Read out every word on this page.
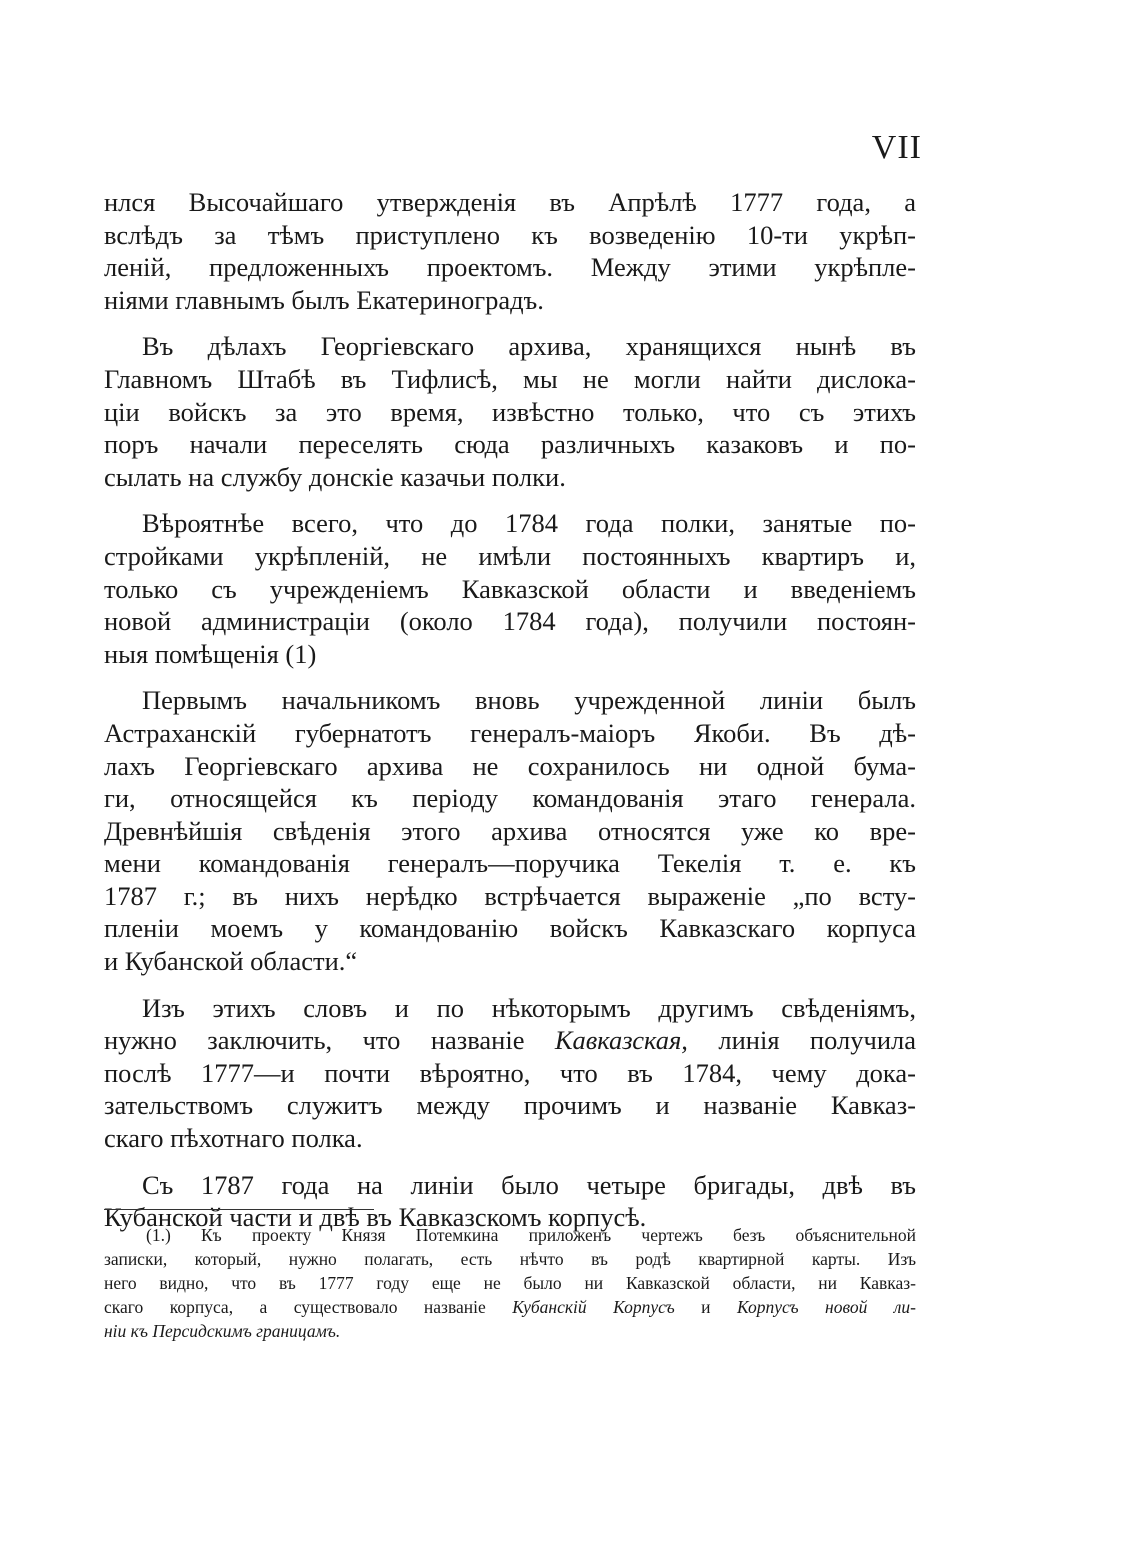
VII
нлся Высочайшаго утвержденія въ Апрѣлѣ 1777 года, а
вслѣдъ за тѣмъ приступлено къ возведенію 10-ти укрѣп-
леній, предложенныхъ проектомъ. Между этими укрѣпле-
ніями главнымъ былъ Екатериноградъ.
Въ дѣлахъ Георгіевскаго архива, хранящихся нынѣ въ
Главномъ Штабѣ въ Тифлисѣ, мы не могли найти дислока-
ціи войскъ за это время, извѣстно только, что съ этихъ
поръ начали переселять сюда различныхъ казаковъ и по-
сылать на службу донскіе казачьи полки.
Вѣроятнѣе всего, что до 1784 года полки, занятые по-
стройками укрѣпленій, не имѣли постоянныхъ квартиръ и,
только съ учрежденіемъ Кавказской области и введеніемъ
новой администраціи (около 1784 года), получили постоян-
ныя помѣщенія (1)
Первымъ начальникомъ вновь учрежденной линіи былъ
Астраханскій губернатотъ генералъ-маіоръ Якоби. Въ дѣ-
лахъ Георгіевскаго архива не сохранилось ни одной бума-
ги, относящейся къ періоду командованія этаго генерала.
Древнѣйшія свѣденія этого архива относятся уже ко вре-
мени командованія генералъ—поручика Текелія т. е. къ
1787 г.; въ нихъ нерѣдко встрѣчается выраженіе „по всту-
пленіи моемъ у командованію войскъ Кавказскаго корпуса
и Кубанской области.“
Изъ этихъ словъ и по нѣкоторымъ другимъ свѣденіямъ,
нужно заключить, что названіе Кавказская, линія получила
послѣ 1777—и почти вѣроятно, что въ 1784, чему дока-
зательствомъ служитъ между прочимъ и названіе Кавказ-
скаго пѣхотнаго полка.
Съ 1787 года на линіи было четыре бригады, двѣ въ
Кубанской части и двѣ въ Кавказскомъ корпусѣ.
(1.) Къ проекту Князя Потемкина приложенъ чертежъ безъ объяснительной
записки, который, нужно полагать, есть нѣчто въ родѣ квартирной карты. Изъ
него видно, что въ 1777 году еще не было ни Кавказской области, ни Кавказ-
скаго корпуса, а существовало названіе Кубанскій Корпусъ и Корпусъ новой ли-
ніи къ Персидскимъ границамъ.
